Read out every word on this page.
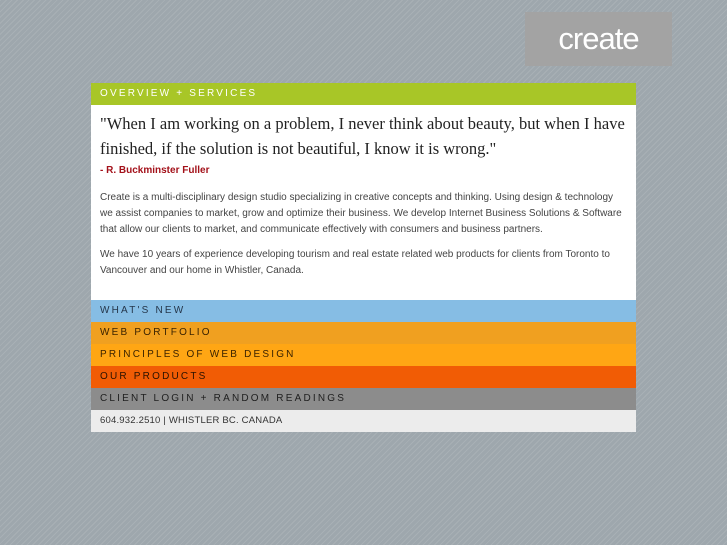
create
OVERVIEW + SERVICES

"When I am working on a problem, I never think about beauty, but when I have finished, if the solution is not beautiful, I know it is wrong."

- R. Buckminster Fuller

Create is a multi-disciplinary design studio specializing in creative concepts and thinking. Using design & technology we assist companies to market, grow and optimize their business. We develop Internet Business Solutions & Software that allow our clients to market, and communicate effectively with consumers and business partners.

We have 10 years of experience developing tourism and real estate related web products for clients from Toronto to Vancouver and our home in Whistler, Canada.

WHAT'S NEW
WEB PORTFOLIO
PRINCIPLES OF WEB DESIGN
OUR PRODUCTS
CLIENT LOGIN + RANDOM READINGS
604.932.2510 | WHISTLER BC. CANADA
